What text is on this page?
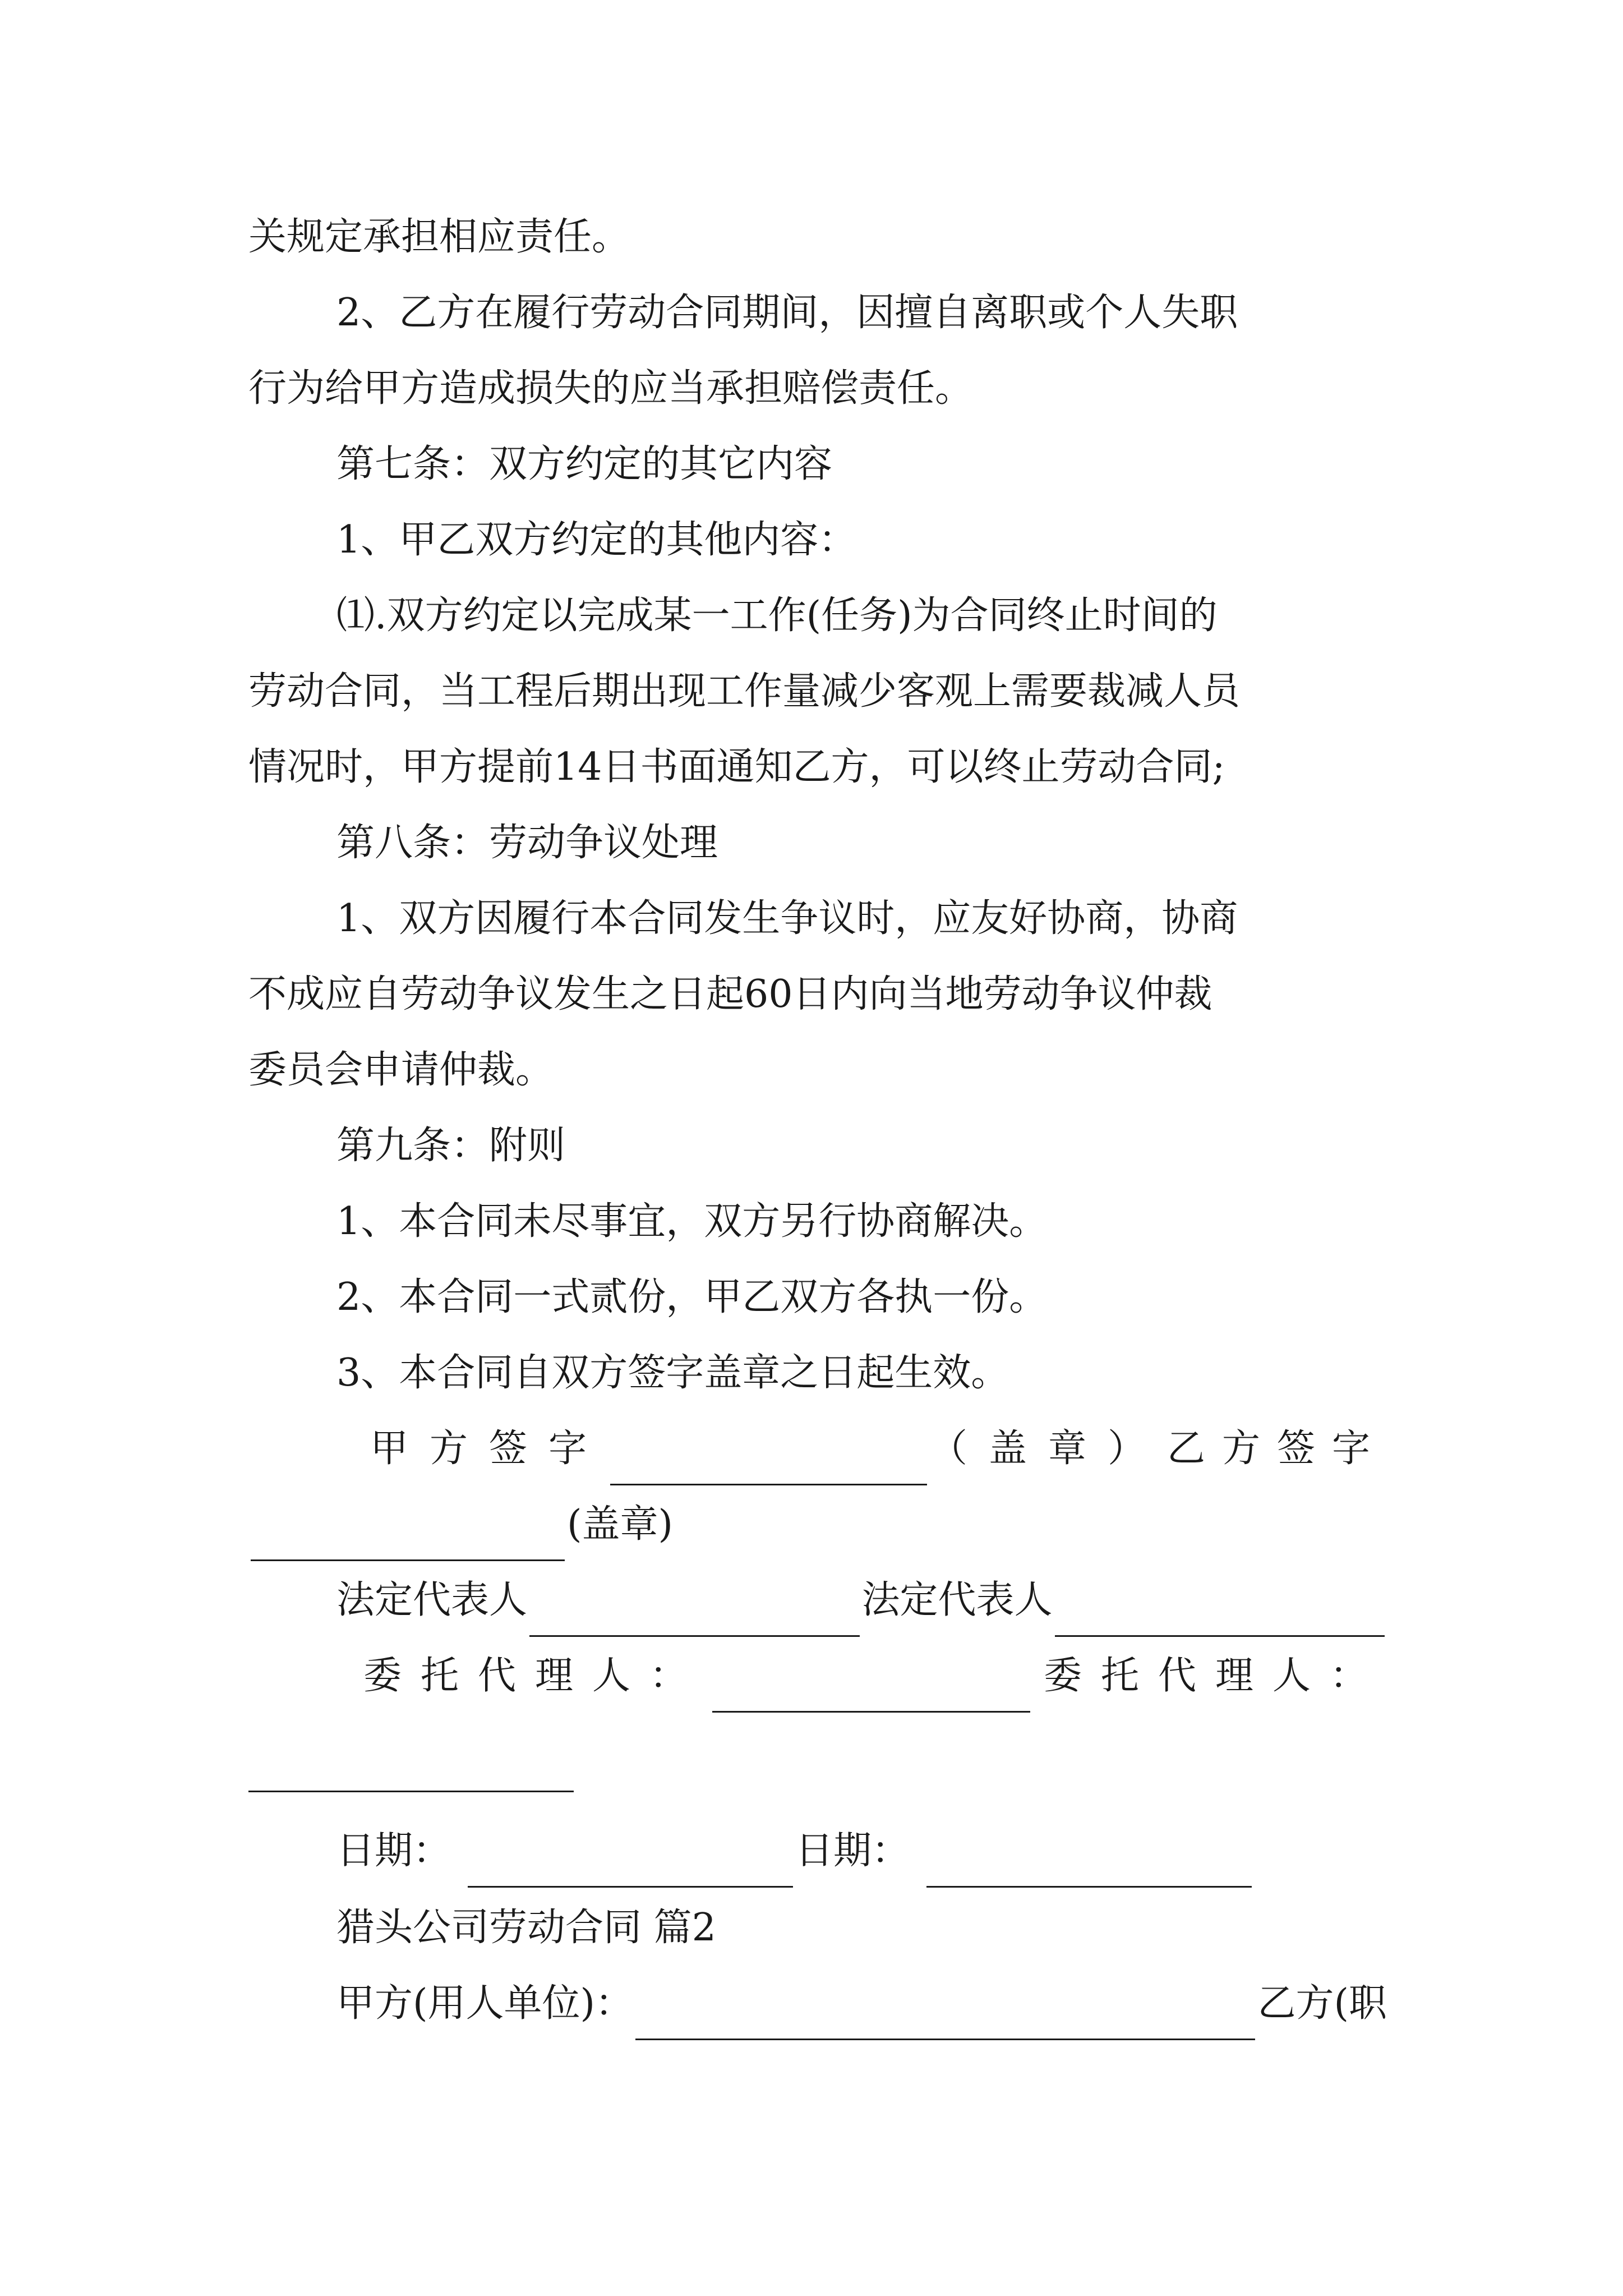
关规定承担相应责任。
2、乙方在履行劳动合同期间，因擅自离职或个人失职
行为给甲方造成损失的应当承担赔偿责任。
第七条：双方约定的其它内容
1、甲乙双方约定的其他内容：
⑴.双方约定以完成某一工作(任务)为合同终止时间的
劳动合同，当工程后期出现工作量减少客观上需要裁减人员
情况时，甲方提前14日书面通知乙方，可以终止劳动合同;
第八条：劳动争议处理
1、双方因履行本合同发生争议时，应友好协商，协商
不成应自劳动争议发生之日起60日内向当地劳动争议仲裁
委员会申请仲裁。
第九条：附则
1、本合同未尽事宜，双方另行协商解决。
2、本合同一式贰份，甲乙双方各执一份。
3、本合同自双方签字盖章之日起生效。
甲方签字	（盖章） 乙方签字
(盖章)
法定代表人	法定代表人
委托代理人：	委托代理人：
日期：	日期：
猎头公司劳动合同 篇2
甲方(用人单位)：	乙方(职
